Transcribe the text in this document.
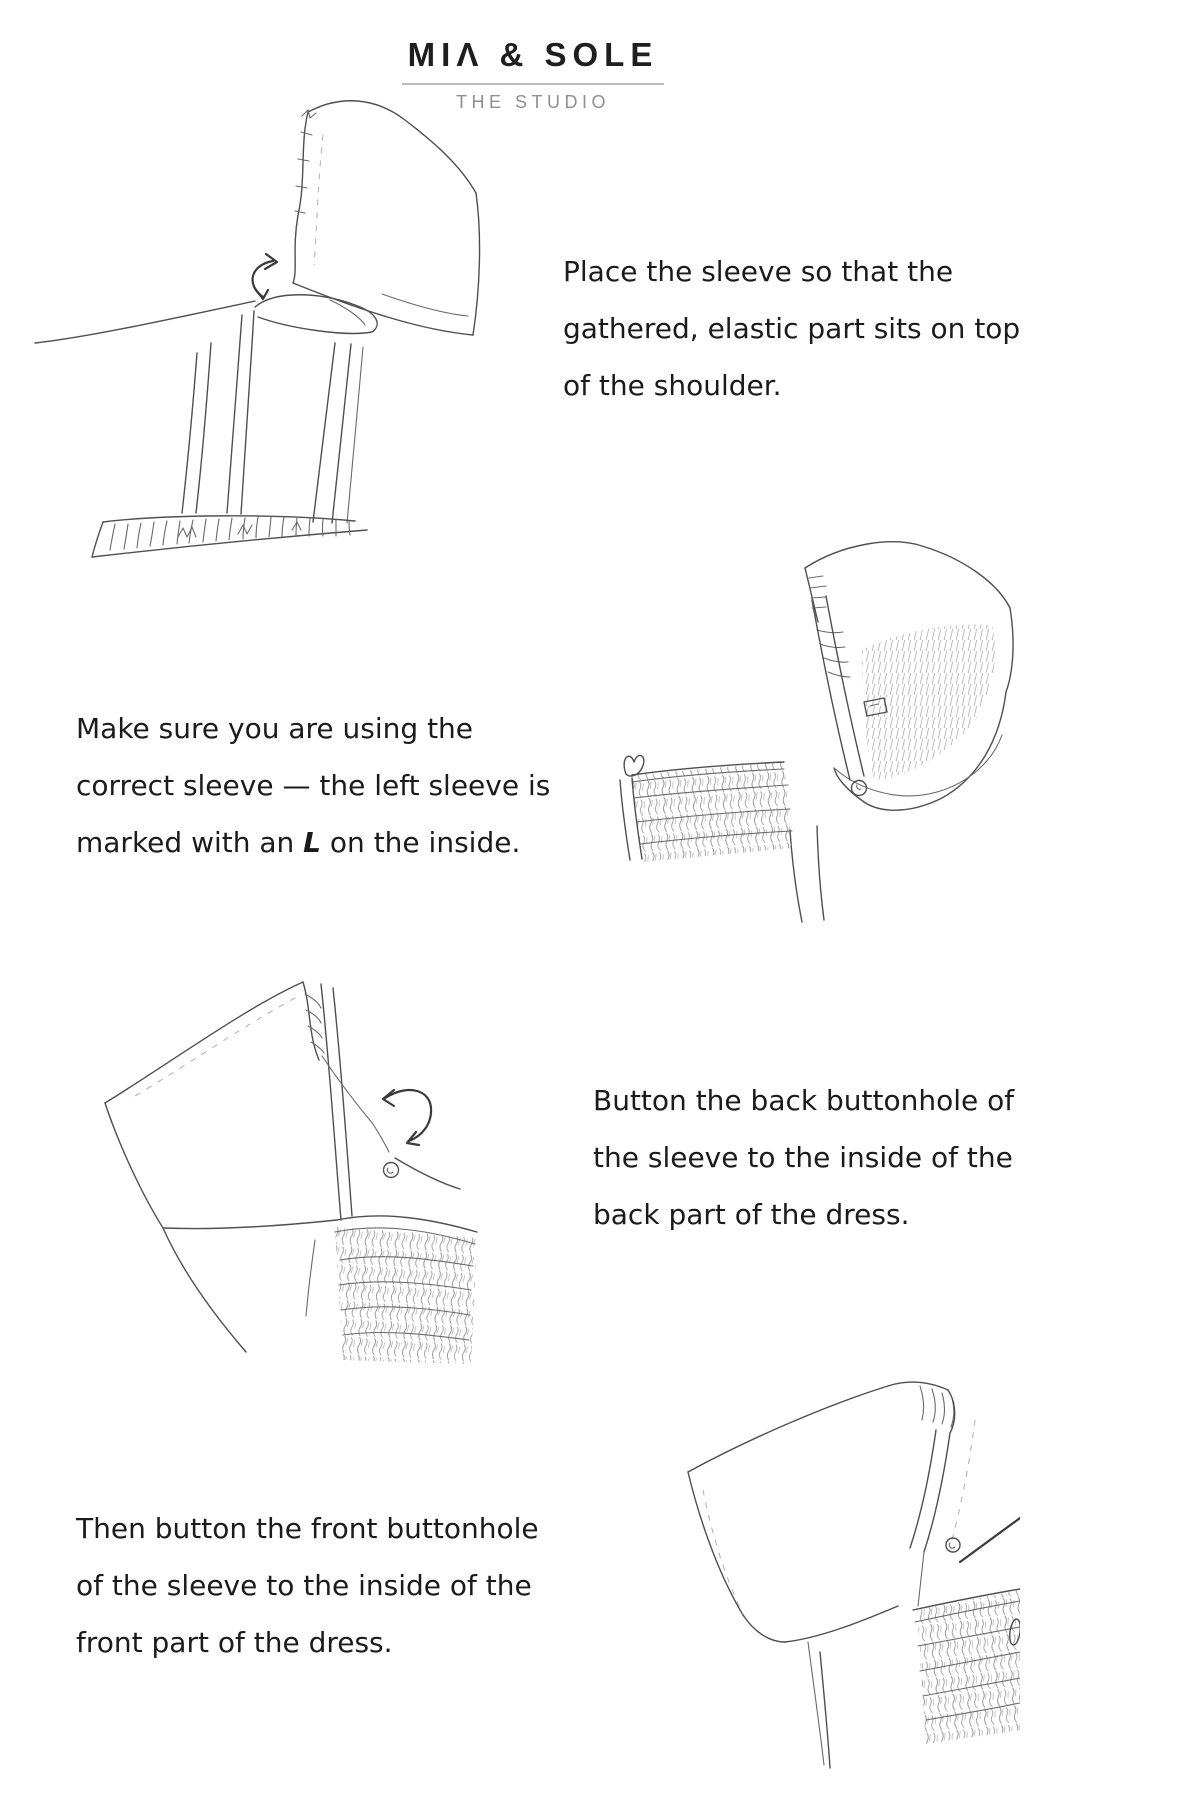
MIΛ & SOLE
THE STUDIO
Place the sleeve so that the
gathered, elastic part sits on top
of the shoulder.
Make sure you are using the
correct sleeve — the left sleeve is
marked with an L on the inside.
Button the back buttonhole of
the sleeve to the inside of the
back part of the dress.
Then button the front buttonhole
of the sleeve to the inside of the
front part of the dress.
